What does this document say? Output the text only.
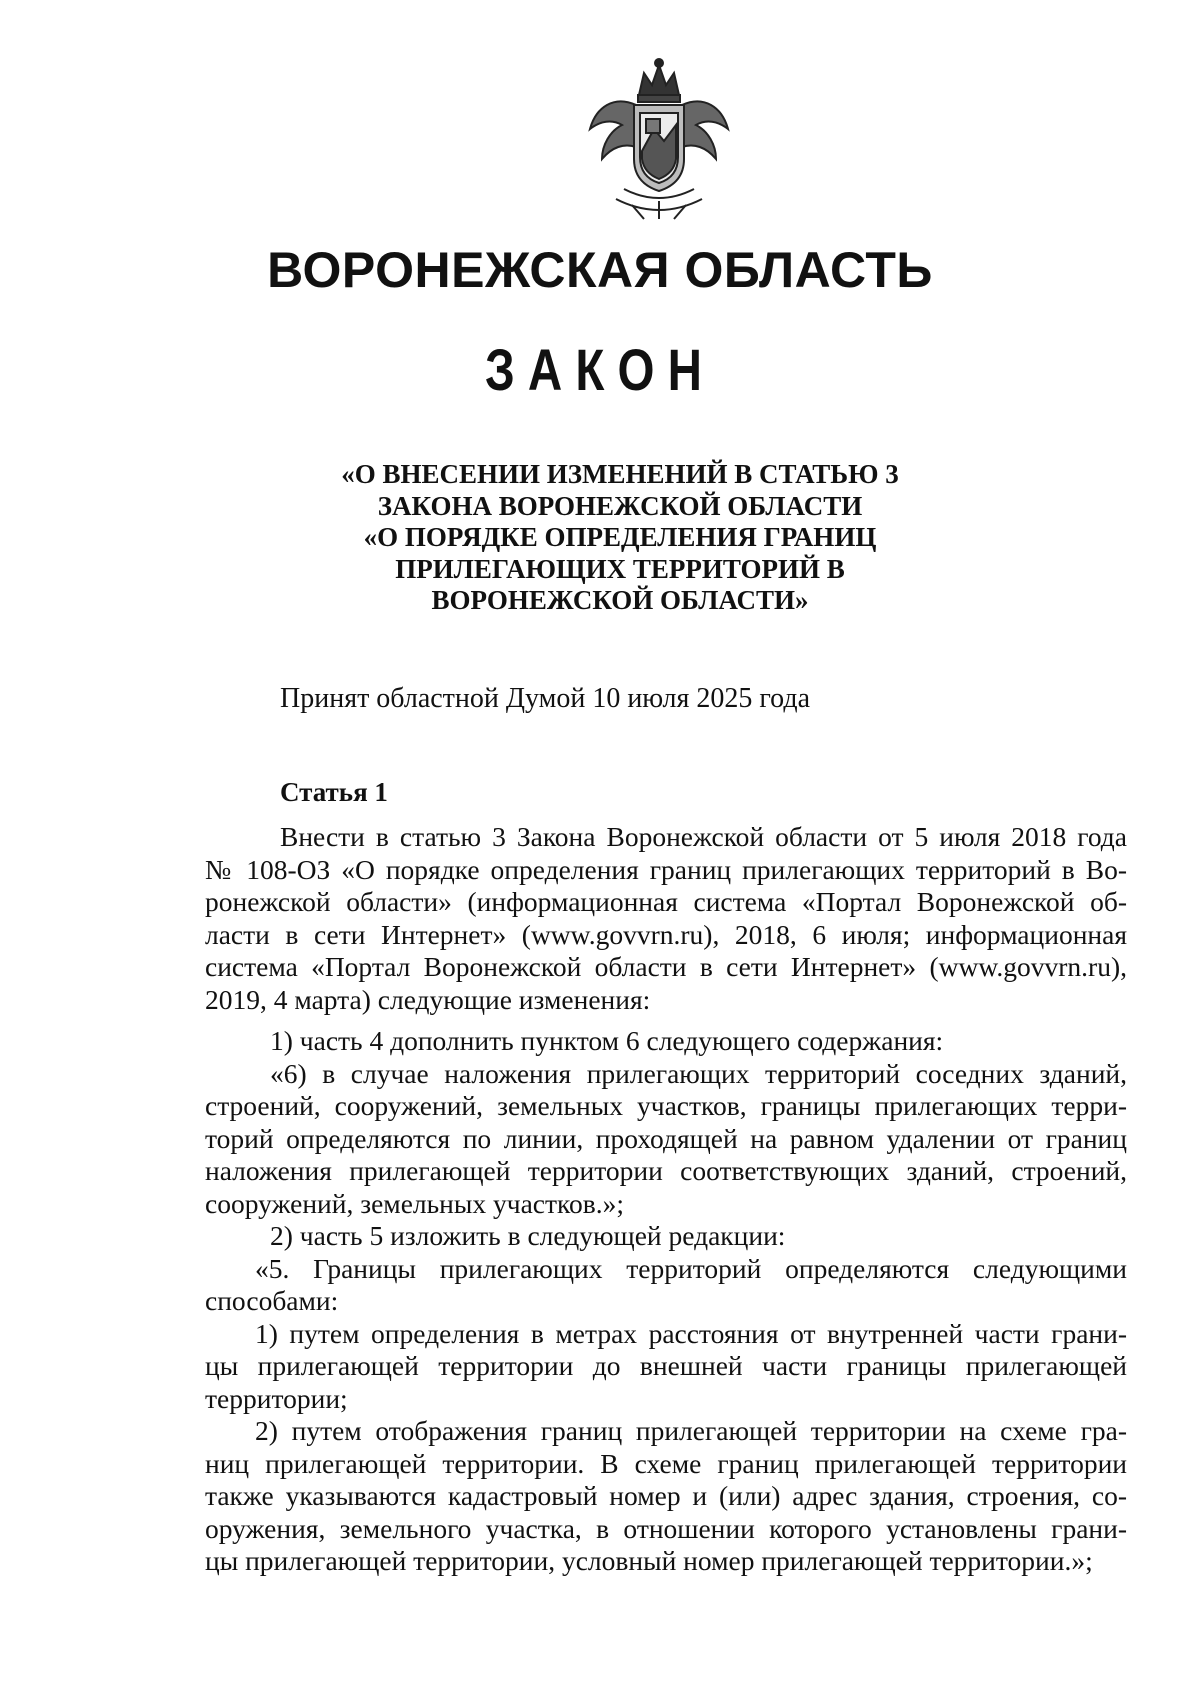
ВОРОНЕЖСКАЯ ОБЛАСТЬ
ЗАКОН
«О ВНЕСЕНИИ ИЗМЕНЕНИЙ В СТАТЬЮ 3
ЗАКОНА ВОРОНЕЖСКОЙ ОБЛАСТИ
«О ПОРЯДКЕ ОПРЕДЕЛЕНИЯ ГРАНИЦ
ПРИЛЕГАЮЩИХ ТЕРРИТОРИЙ В
ВОРОНЕЖСКОЙ ОБЛАСТИ»

Принят областной Думой 10 июля 2025 года

Статья 1

Внести в статью 3 Закона Воронежской области от 5 июля 2018 года
№ 108-ОЗ «О порядке определения границ прилегающих территорий в Во-
ронежской области» (информационная система «Портал Воронежской об-
ласти в сети Интернет» (www.govvrn.ru), 2018, 6 июля; информационная
система «Портал Воронежской области в сети Интернет» (www.govvrn.ru),
2019, 4 марта) следующие изменения:
1) часть 4 дополнить пунктом 6 следующего содержания:
«6) в случае наложения прилегающих территорий соседних зданий,
строений, сооружений, земельных участков, границы прилегающих терри-
торий определяются по линии, проходящей на равном удалении от границ
наложения прилегающей территории соответствующих зданий, строений,
сооружений, земельных участков.»;
2) часть 5 изложить в следующей редакции:
«5. Границы прилегающих территорий определяются следующими
способами:
1) путем определения в метрах расстояния от внутренней части грани-
цы прилегающей территории до внешней части границы прилегающей
территории;
2) путем отображения границ прилегающей территории на схеме гра-
ниц прилегающей территории. В схеме границ прилегающей территории
также указываются кадастровый номер и (или) адрес здания, строения, со-
оружения, земельного участка, в отношении которого установлены грани-
цы прилегающей территории, условный номер прилегающей территории.»;
